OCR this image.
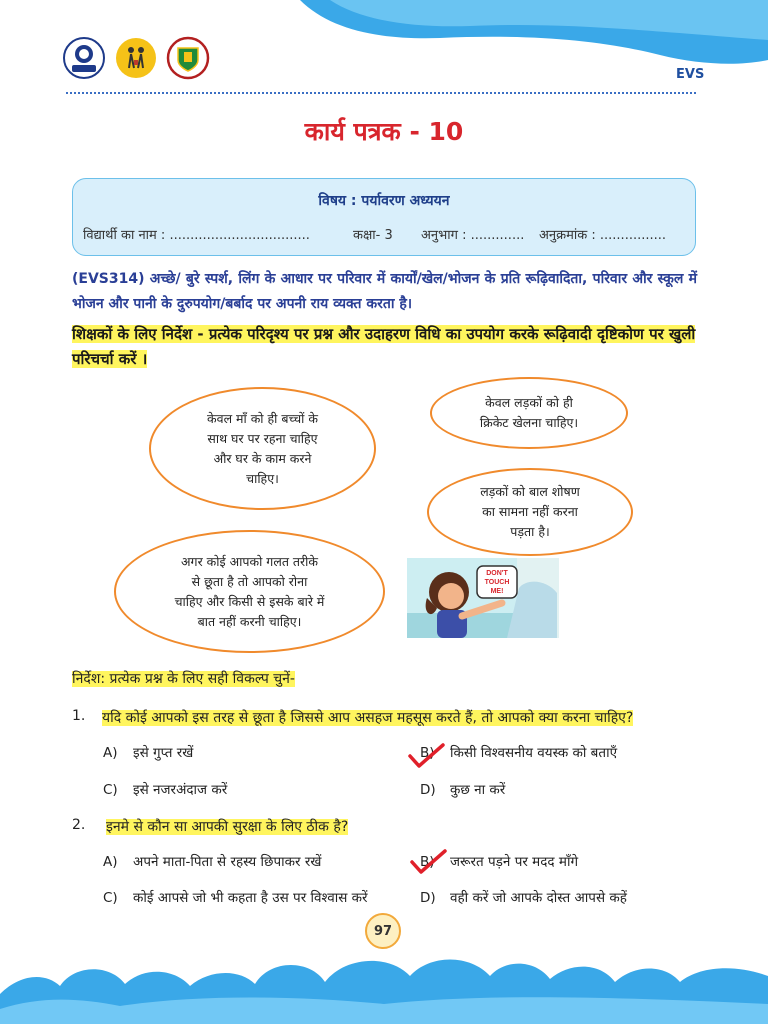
EVS
कार्य पत्रक - 10
विषय : पर्यावरण अध्ययन
विद्यार्थी का नाम : ..................................	कक्षा- 3 अनुभाग : ............. अनुक्रमांक : ................
(EVS314) अच्छे/ बुरे स्पर्श, लिंग के आधार पर परिवार में कार्यों/खेल/भोजन के प्रति रूढ़िवादिता, परिवार और स्कूल में भोजन और पानी के दुरुपयोग/बर्बाद पर अपनी राय व्यक्त करता है।
शिक्षकों के लिए निर्देश - प्रत्येक परिदृश्य पर प्रश्न और उदाहरण विधि का उपयोग करके रूढ़िवादी दृष्टिकोण पर खुली परिचर्चा करें ।
केवल माँ को ही बच्चों के
साथ घर पर रहना चाहिए
और घर के काम करने
चाहिए।
केवल लड़कों को ही
क्रिकेट खेलना चाहिए।
लड़कों को बाल शोषण
का सामना नहीं करना
पड़ता है।
अगर कोई आपको गलत तरीके
से छूता है तो आपको रोना
चाहिए और किसी से इसके बारे में
बात नहीं करनी चाहिए।
DON'T
TOUCH
ME!
निर्देश: प्रत्येक प्रश्न के लिए सही विकल्प चुनें-
1. यदि कोई आपको इस तरह से छूता है जिससे आप असहज महसूस करते हैं, तो आपको क्या करना चाहिए?
A) इसे गुप्त रखें	B) किसी विश्वसनीय वयस्क को बताएँ
C) इसे नजरअंदाज करें	D) कुछ ना करें
2. इनमे से कौन सा आपकी सुरक्षा के लिए ठीक है?
A) अपने माता-पिता से रहस्य छिपाकर रखें	B) जरूरत पड़ने पर मदद माँगे
C) कोई आपसे जो भी कहता है उस पर विश्वास करें	D) वही करें जो आपके दोस्त आपसे कहें
97
